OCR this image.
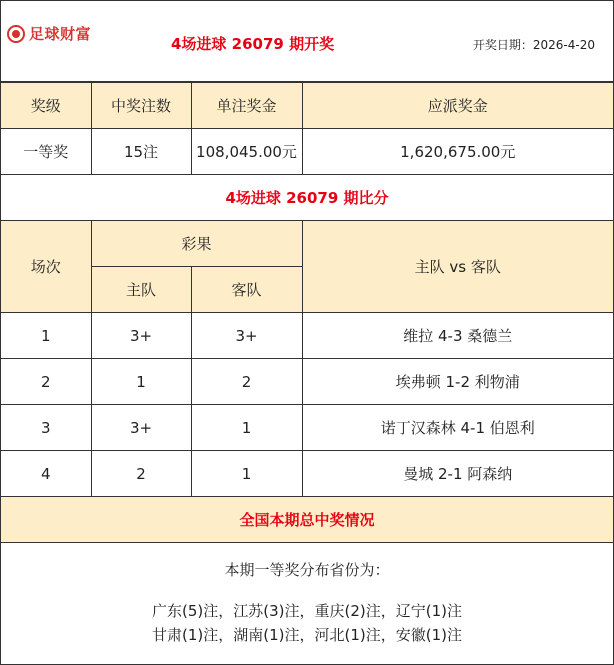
足球财富
4场进球 26079 期开奖	开奖日期：2026-4-20
奖级	中奖注数	单注奖金	应派奖金
一等奖	15注	108,045.00元	1,620,675.00元
4场进球 26079 期比分			
场次	彩果		主队 vs 客队
	主队	客队	
1	3+	3+	维拉 4-3 桑德兰
2	1	2	埃弗顿 1-2 利物浦
3	3+	1	诺丁汉森林 4-1 伯恩利
4	2	1	曼城 2-1 阿森纳
全国本期总中奖情况			
本期一等奖分布省份为：
广东(5)注，江苏(3)注，重庆(2)注，辽宁(1)注
甘肃(1)注，湖南(1)注，河北(1)注，安徽(1)注
